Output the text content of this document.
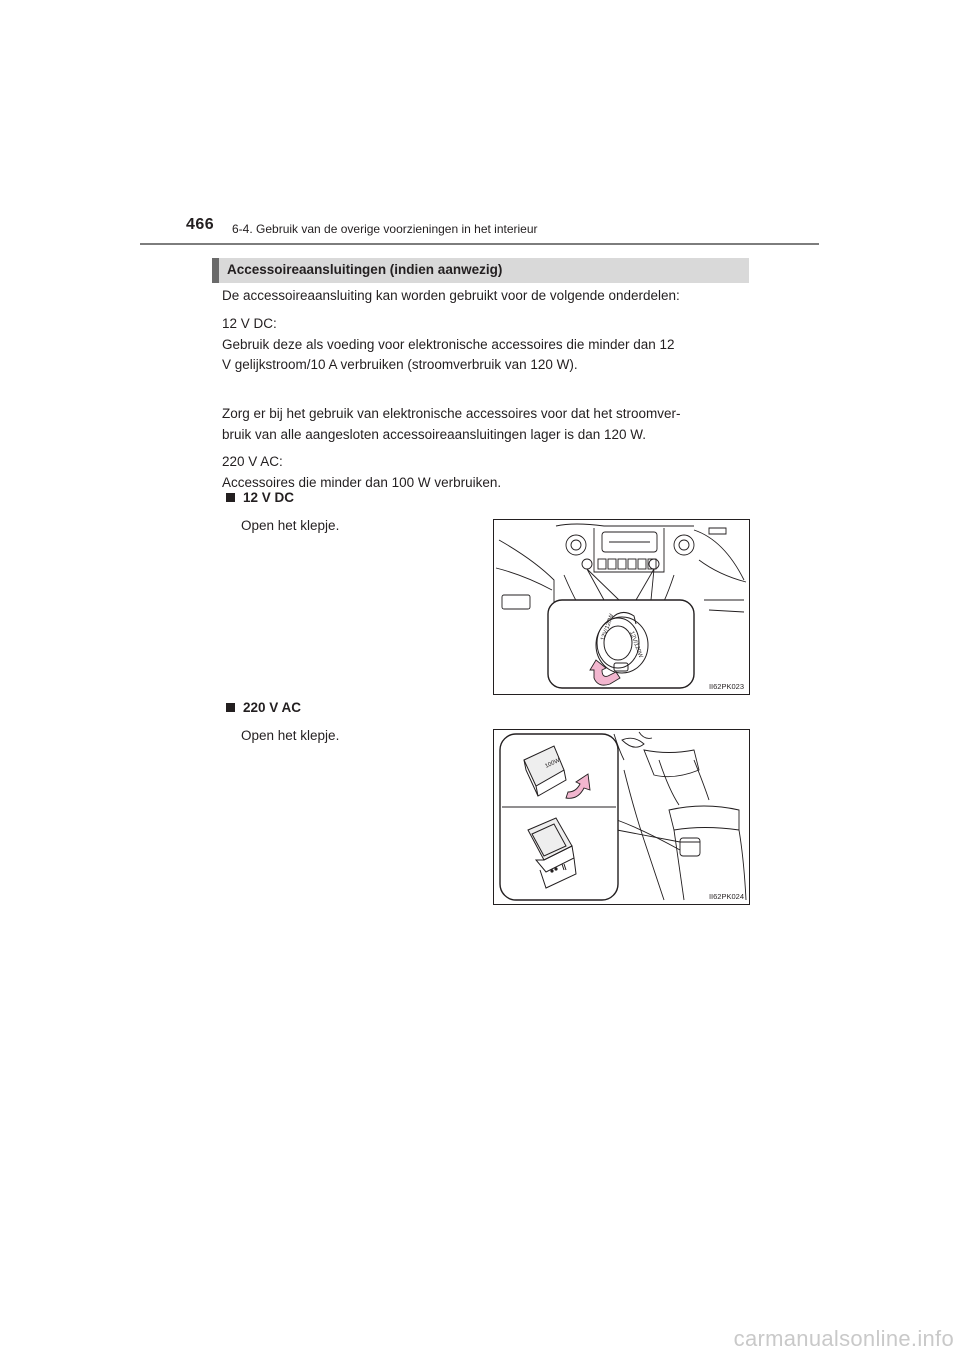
466 6-4. Gebruik van de overige voorzieningen in het interieur
Accessoireaansluitingen (indien aanwezig)
De accessoireaansluiting kan worden gebruikt voor de volgende onderdelen:
12 V DC:
Gebruik deze als voeding voor elektronische accessoires die minder dan 12
V gelijkstroom/10 A verbruiken (stroomverbruik van 120 W).
Zorg er bij het gebruik van elektronische accessoires voor dat het stroomver-
bruik van alle aangesloten accessoireaansluitingen lager is dan 120 W.
220 V AC:
Accessoires die minder dan 100 W verbruiken.
12 V DC
Open het klepje.
12V/120W
12V/120W
II62PK023
220 V AC
Open het klepje.
100W
II62PK024
carmanualsonline.info
